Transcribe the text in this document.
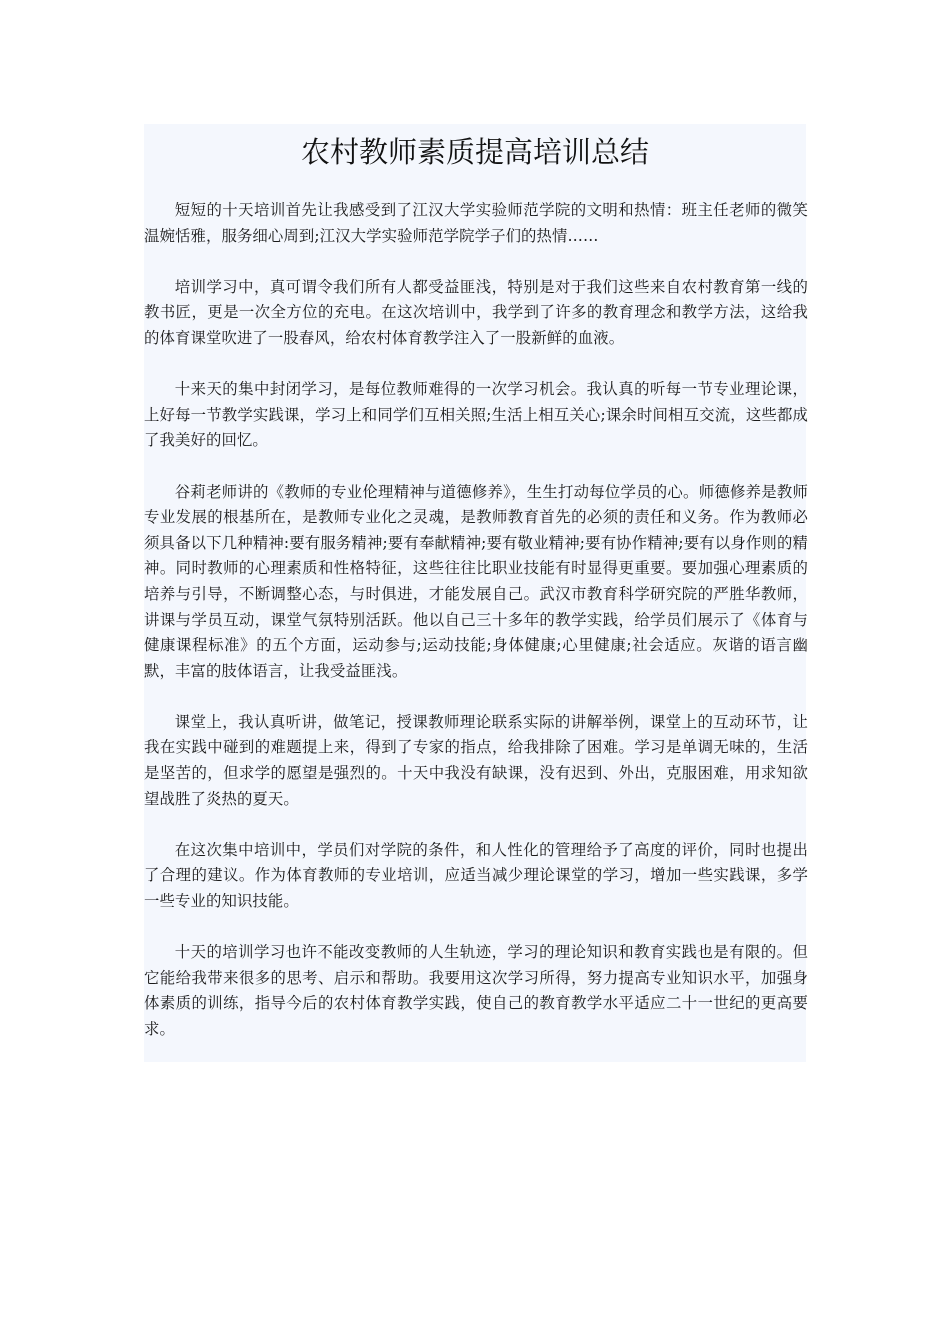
农村教师素质提高培训总结

短短的十天培训首先让我感受到了江汉大学实验师范学院的文明和热情：班主任老师的微笑温婉恬雅，服务细心周到;江汉大学实验师范学院学子们的热情……

培训学习中，真可谓令我们所有人都受益匪浅，特别是对于我们这些来自农村教育第一线的教书匠，更是一次全方位的充电。在这次培训中，我学到了许多的教育理念和教学方法，这给我的体育课堂吹进了一股春风，给农村体育教学注入了一股新鲜的血液。

十来天的集中封闭学习，是每位教师难得的一次学习机会。我认真的听每一节专业理论课，上好每一节教学实践课，学习上和同学们互相关照;生活上相互关心;课余时间相互交流，这些都成了我美好的回忆。

谷莉老师讲的《教师的专业伦理精神与道德修养》，生生打动每位学员的心。师德修养是教师专业发展的根基所在，是教师专业化之灵魂，是教师教育首先的必须的责任和义务。作为教师必须具备以下几种精神:要有服务精神;要有奉献精神;要有敬业精神;要有协作精神;要有以身作则的精神。同时教师的心理素质和性格特征，这些往往比职业技能有时显得更重要。要加强心理素质的培养与引导，不断调整心态，与时俱进，才能发展自己。武汉市教育科学研究院的严胜华教师，讲课与学员互动，课堂气氛特别活跃。他以自己三十多年的教学实践，给学员们展示了《体育与健康课程标准》的五个方面，运动参与;运动技能;身体健康;心里健康;社会适应。灰谐的语言幽默，丰富的肢体语言，让我受益匪浅。

课堂上，我认真听讲，做笔记，授课教师理论联系实际的讲解举例，课堂上的互动环节，让我在实践中碰到的难题提上来，得到了专家的指点，给我排除了困难。学习是单调无味的，生活是坚苦的，但求学的愿望是强烈的。十天中我没有缺课，没有迟到、外出，克服困难，用求知欲望战胜了炎热的夏天。

在这次集中培训中，学员们对学院的条件，和人性化的管理给予了高度的评价，同时也提出了合理的建议。作为体育教师的专业培训，应适当减少理论课堂的学习，增加一些实践课，多学一些专业的知识技能。

十天的培训学习也许不能改变教师的人生轨迹，学习的理论知识和教育实践也是有限的。但它能给我带来很多的思考、启示和帮助。我要用这次学习所得，努力提高专业知识水平，加强身体素质的训练，指导今后的农村体育教学实践，使自己的教育教学水平适应二十一世纪的更高要求。
